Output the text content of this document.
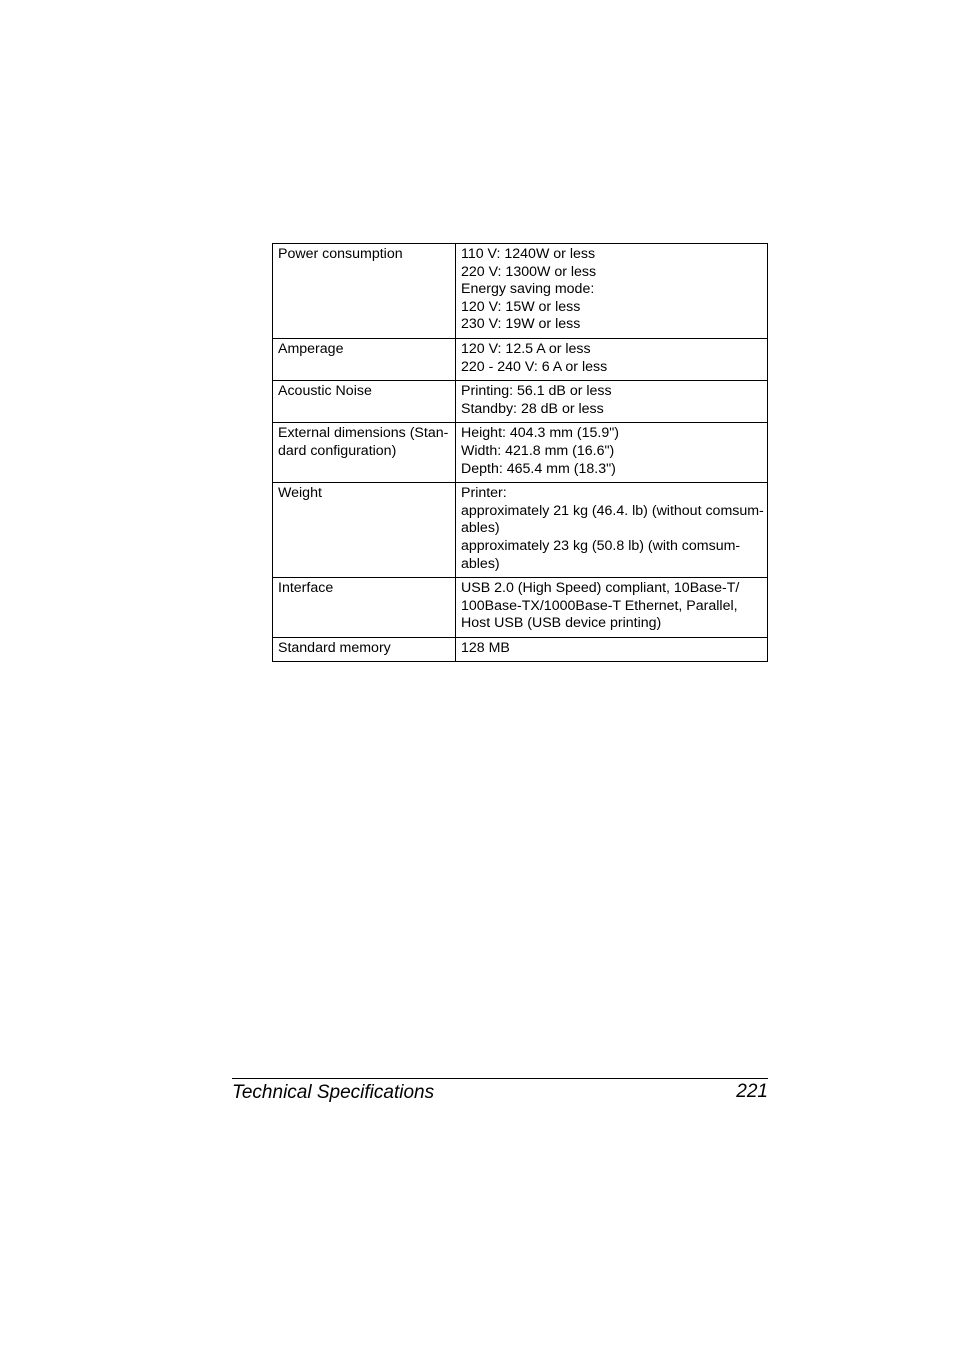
Power consumption	110 V: 1240W or less
220 V: 1300W or less
Energy saving mode:
120 V: 15W or less
230 V: 19W or less

Amperage	120 V: 12.5 A or less
220 - 240 V: 6 A or less

Acoustic Noise	Printing: 56.1 dB or less
Standby: 28 dB or less

External dimensions (Stan-
dard configuration)	Height: 404.3 mm (15.9")
Width: 421.8 mm (16.6")
Depth: 465.4 mm (18.3")

Weight	Printer:
approximately 21 kg (46.4. lb) (without comsum-
ables)
approximately 23 kg (50.8 lb) (with comsum-
ables)

Interface	USB 2.0 (High Speed) compliant, 10Base-T/
100Base-TX/1000Base-T Ethernet, Parallel,
Host USB (USB device printing)

Standard memory	128 MB
Technical Specifications	221
